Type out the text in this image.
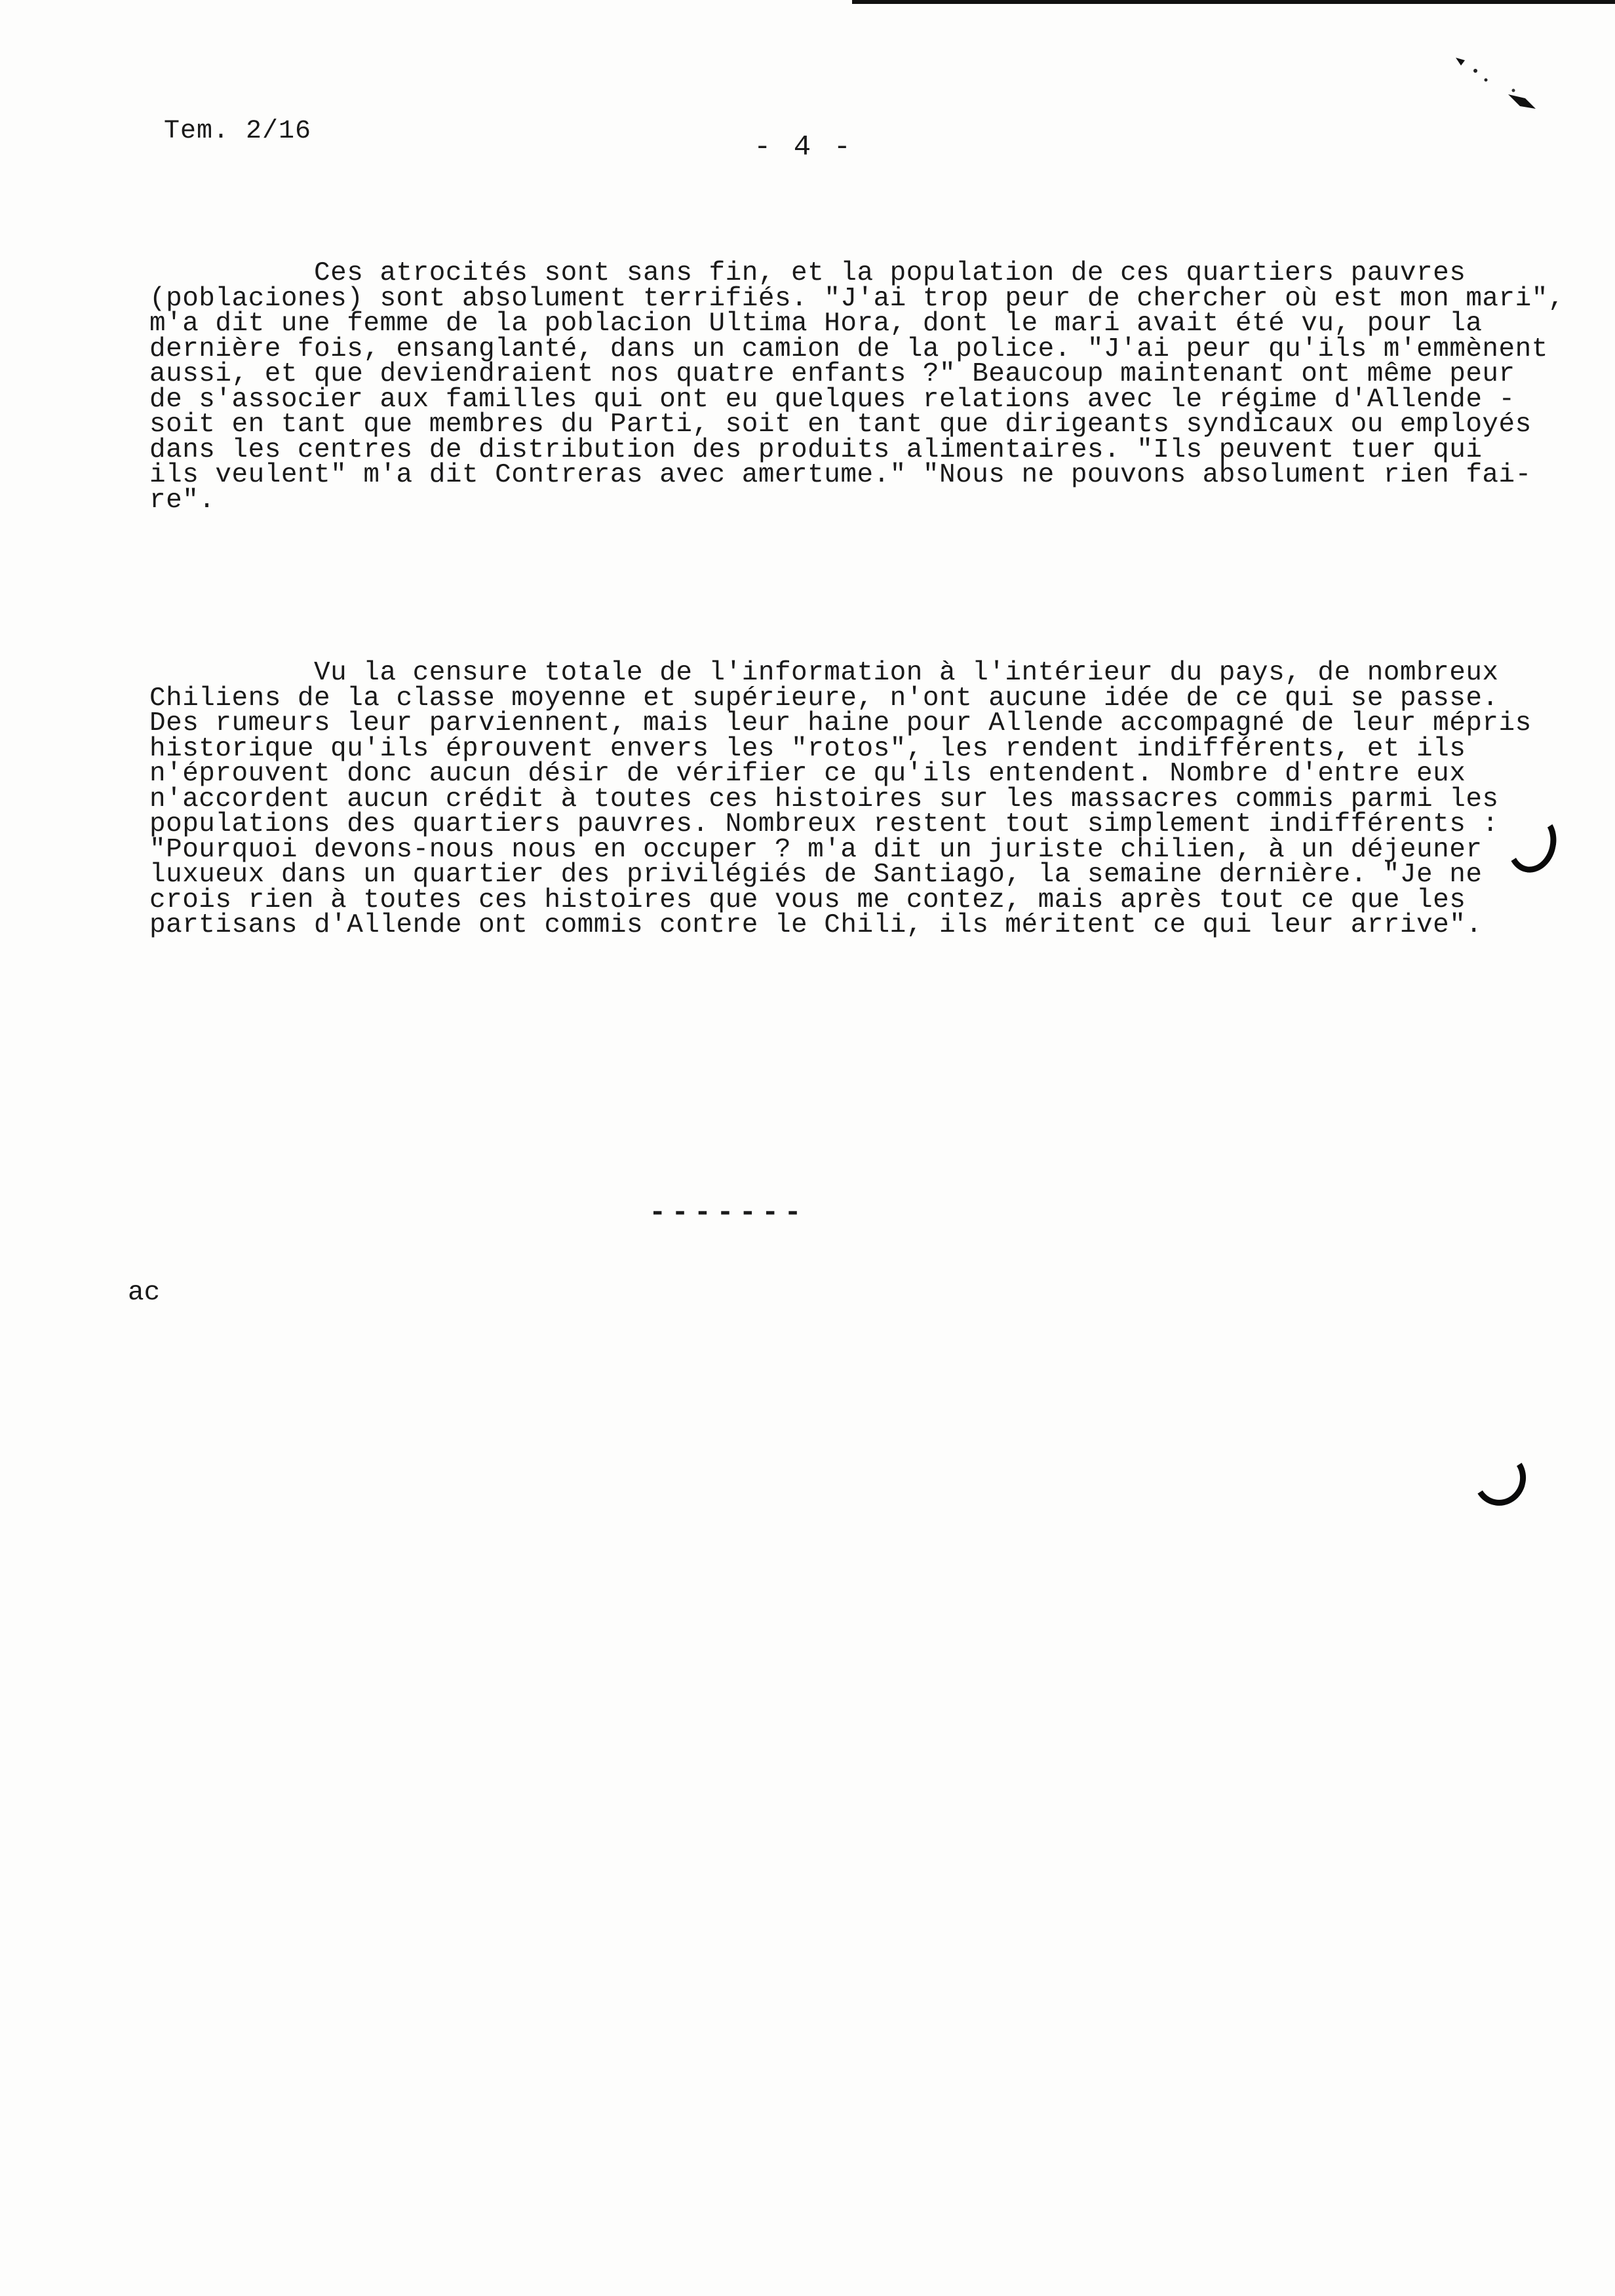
Tem. 2/16	- 4 -
Ces atrocités sont sans fin, et la population de ces quartiers pauvres
(poblaciones) sont absolument terrifiés. "J'ai trop peur de chercher où est mon mari",
m'a dit une femme de la poblacion Ultima Hora, dont le mari avait été vu, pour la
dernière fois, ensanglanté, dans un camion de la police. "J'ai peur qu'ils m'emmènent
aussi, et que deviendraient nos quatre enfants ?" Beaucoup maintenant ont même peur
de s'associer aux familles qui ont eu quelques relations avec le régime d'Allende -
soit en tant que membres du Parti, soit en tant que dirigeants syndicaux ou employés
dans les centres de distribution des produits alimentaires. "Ils peuvent tuer qui
ils veulent" m'a dit Contreras avec amertume." "Nous ne pouvons absolument rien fai-
re".
Vu la censure totale de l'information à l'intérieur du pays, de nombreux
Chiliens de la classe moyenne et supérieure, n'ont aucune idée de ce qui se passe.
Des rumeurs leur parviennent, mais leur haine pour Allende accompagné de leur mépris
historique qu'ils éprouvent envers les "rotos", les rendent indifférents, et ils
n'éprouvent donc aucun désir de vérifier ce qu'ils entendent. Nombre d'entre eux
n'accordent aucun crédit à toutes ces histoires sur les massacres commis parmi les
populations des quartiers pauvres. Nombreux restent tout simplement indifférents :
"Pourquoi devons-nous nous en occuper ? m'a dit un juriste chilien, à un déjeuner
luxueux dans un quartier des privilégiés de Santiago, la semaine dernière. "Je ne
crois rien à toutes ces histoires que vous me contez, mais après tout ce que les
partisans d'Allende ont commis contre le Chili, ils méritent ce qui leur arrive".
-------
ac
